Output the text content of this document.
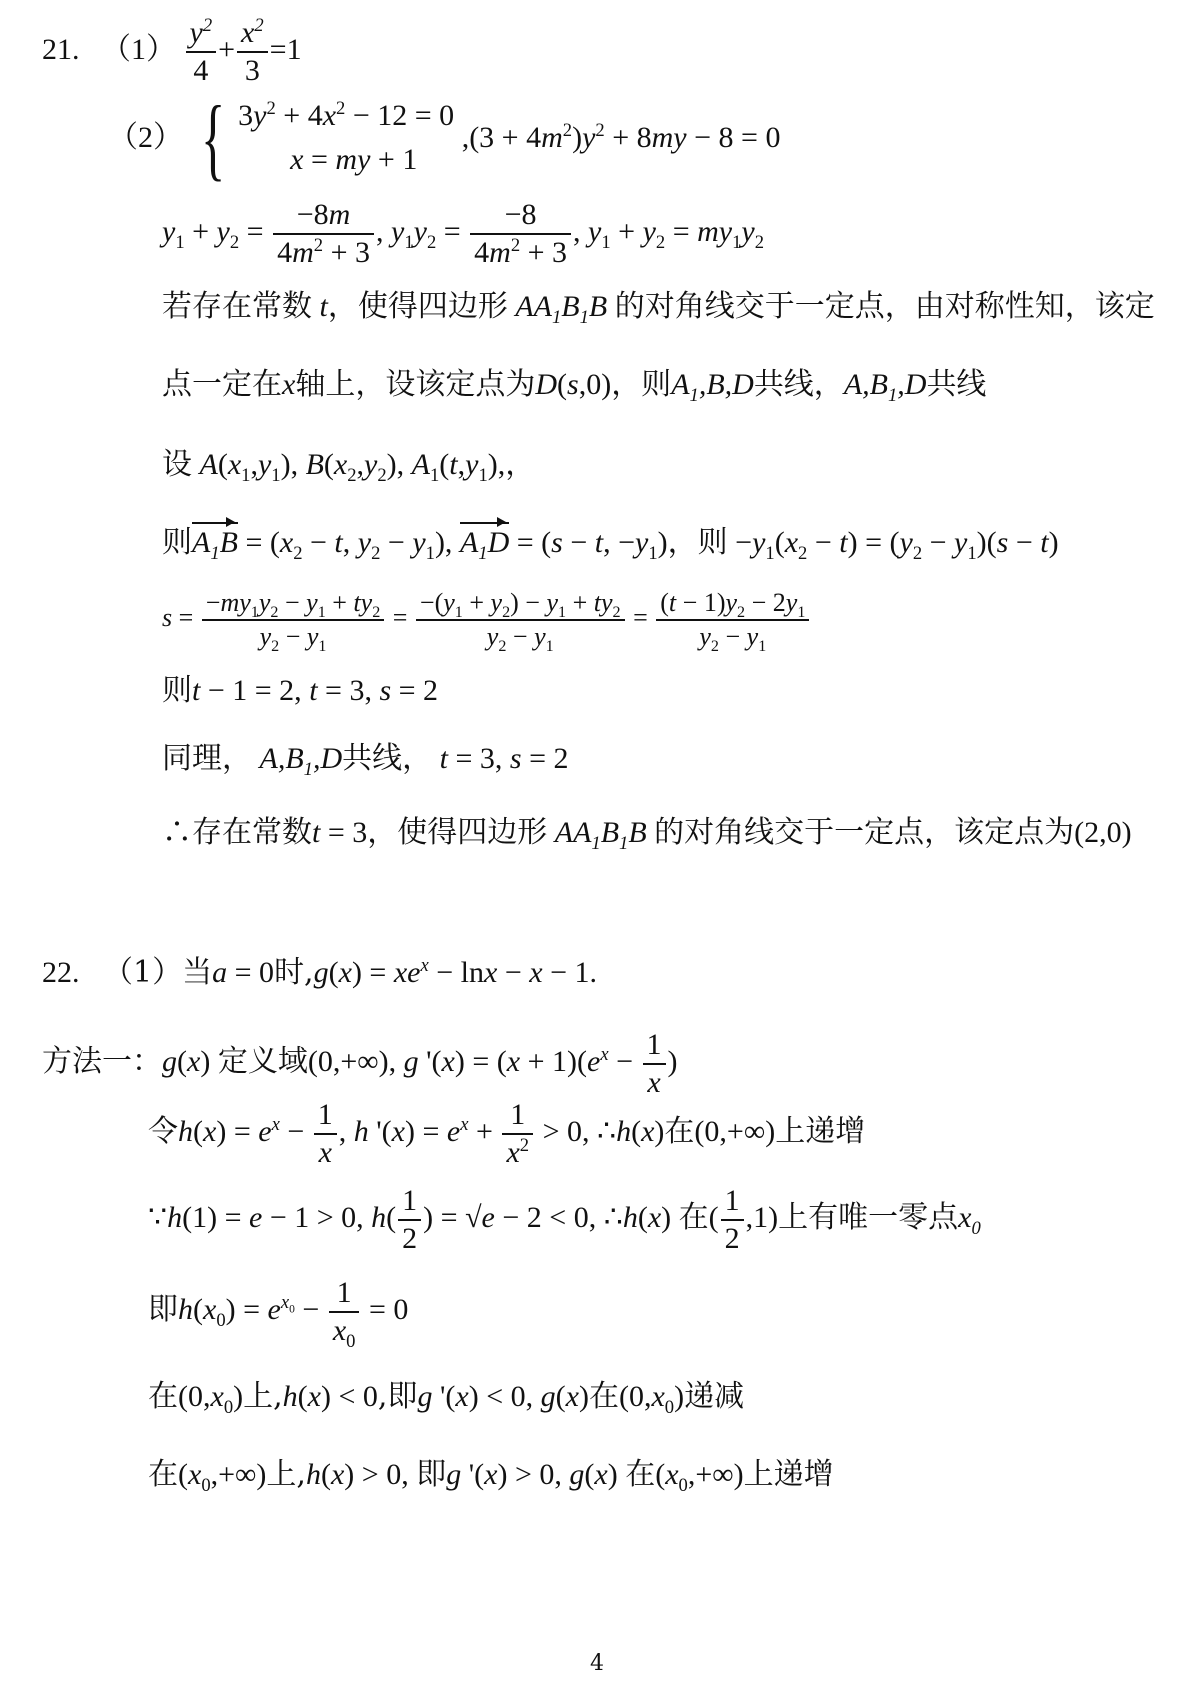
21. $(1) \frac{y^2}{4} + \frac{x^2}{3} =1$
（2） { $3y^2 + 4x^2 - 12 = 0$
x = my + 1
$,(3 + 4m^2)y^2 + 8my - 8 = 0$
$y_1 + y_2 = \frac{-8m}{4m^2 + 3}$ , $y_1y_2 = \frac{-8}{4m^2 + 3}$ , $y_1 + y_2 = my_1y_2$
若存在常数 t，使得四边形 $AA_1B_1B$ 的对角线交于一定点，由对称性知，该定
点一定在x轴上，设该定点为D(s,0)，则$A_1,B,D$共线，$A,B_1,D$共线
设 $A(x_1,y_1)$, $B(x_2,y_2)$, $A_1(t,y_1)$,，
则$A_1B = (x_2 - t$, $y_2 - y_1$), $A_1D = (s - t$, $-y_1$)，则 $-y_1(x_2 - t) = (y_2 - y_1)(s - t)$
$s = \frac{-my_1y_2 - y_1 + ty_2}{y_2 - y_1} = \frac{-(y_1 + y_2) - y_1 + ty_2}{y_2 - y_1} = \frac{(t - 1)y_2 - 2y_1}{y_2 - y_1}$
则t − 1 = 2, t = 3, s = 2
同理， $A,B_1,D$共线， t = 3, s = 2
∴存在常数t = 3，使得四边形 $AA_1B_1B$ 的对角线交于一定点，该定点为(2,0)
22. （1）当a = 0时$,g(x) = xe^x - \ln x - x - 1$.
方法一：g(x) 定义域(0,+∞), g '$(x) = (x + 1)(e^x - \frac{1}{x}$ )
令$h(x) = e^x - \frac{1}{x}$ , h '$(x) = e^x + \frac{1}{x^2} > 0$, ∴h(x)在(0,+∞)上递增
∵h(1) = e − 1 > 0, $h( \frac{1}{2}$ ) = √e − 2 < 0, ∴h(x) 在( $\frac{1}{2} ,1$)上有唯一零点$x_0$
即$h(x_0) = e^{x_0} - \frac{1}{x_0} = 0$
在$(0,x_0)$上,h(x) < 0,即g '(x) < 0, g(x)在$(0,x_0)$递减
在$(x_0,+\infty)$上,h(x) > 0, 即g '(x) > 0, g(x) 在$(x_0,+\infty)$上递增
4
